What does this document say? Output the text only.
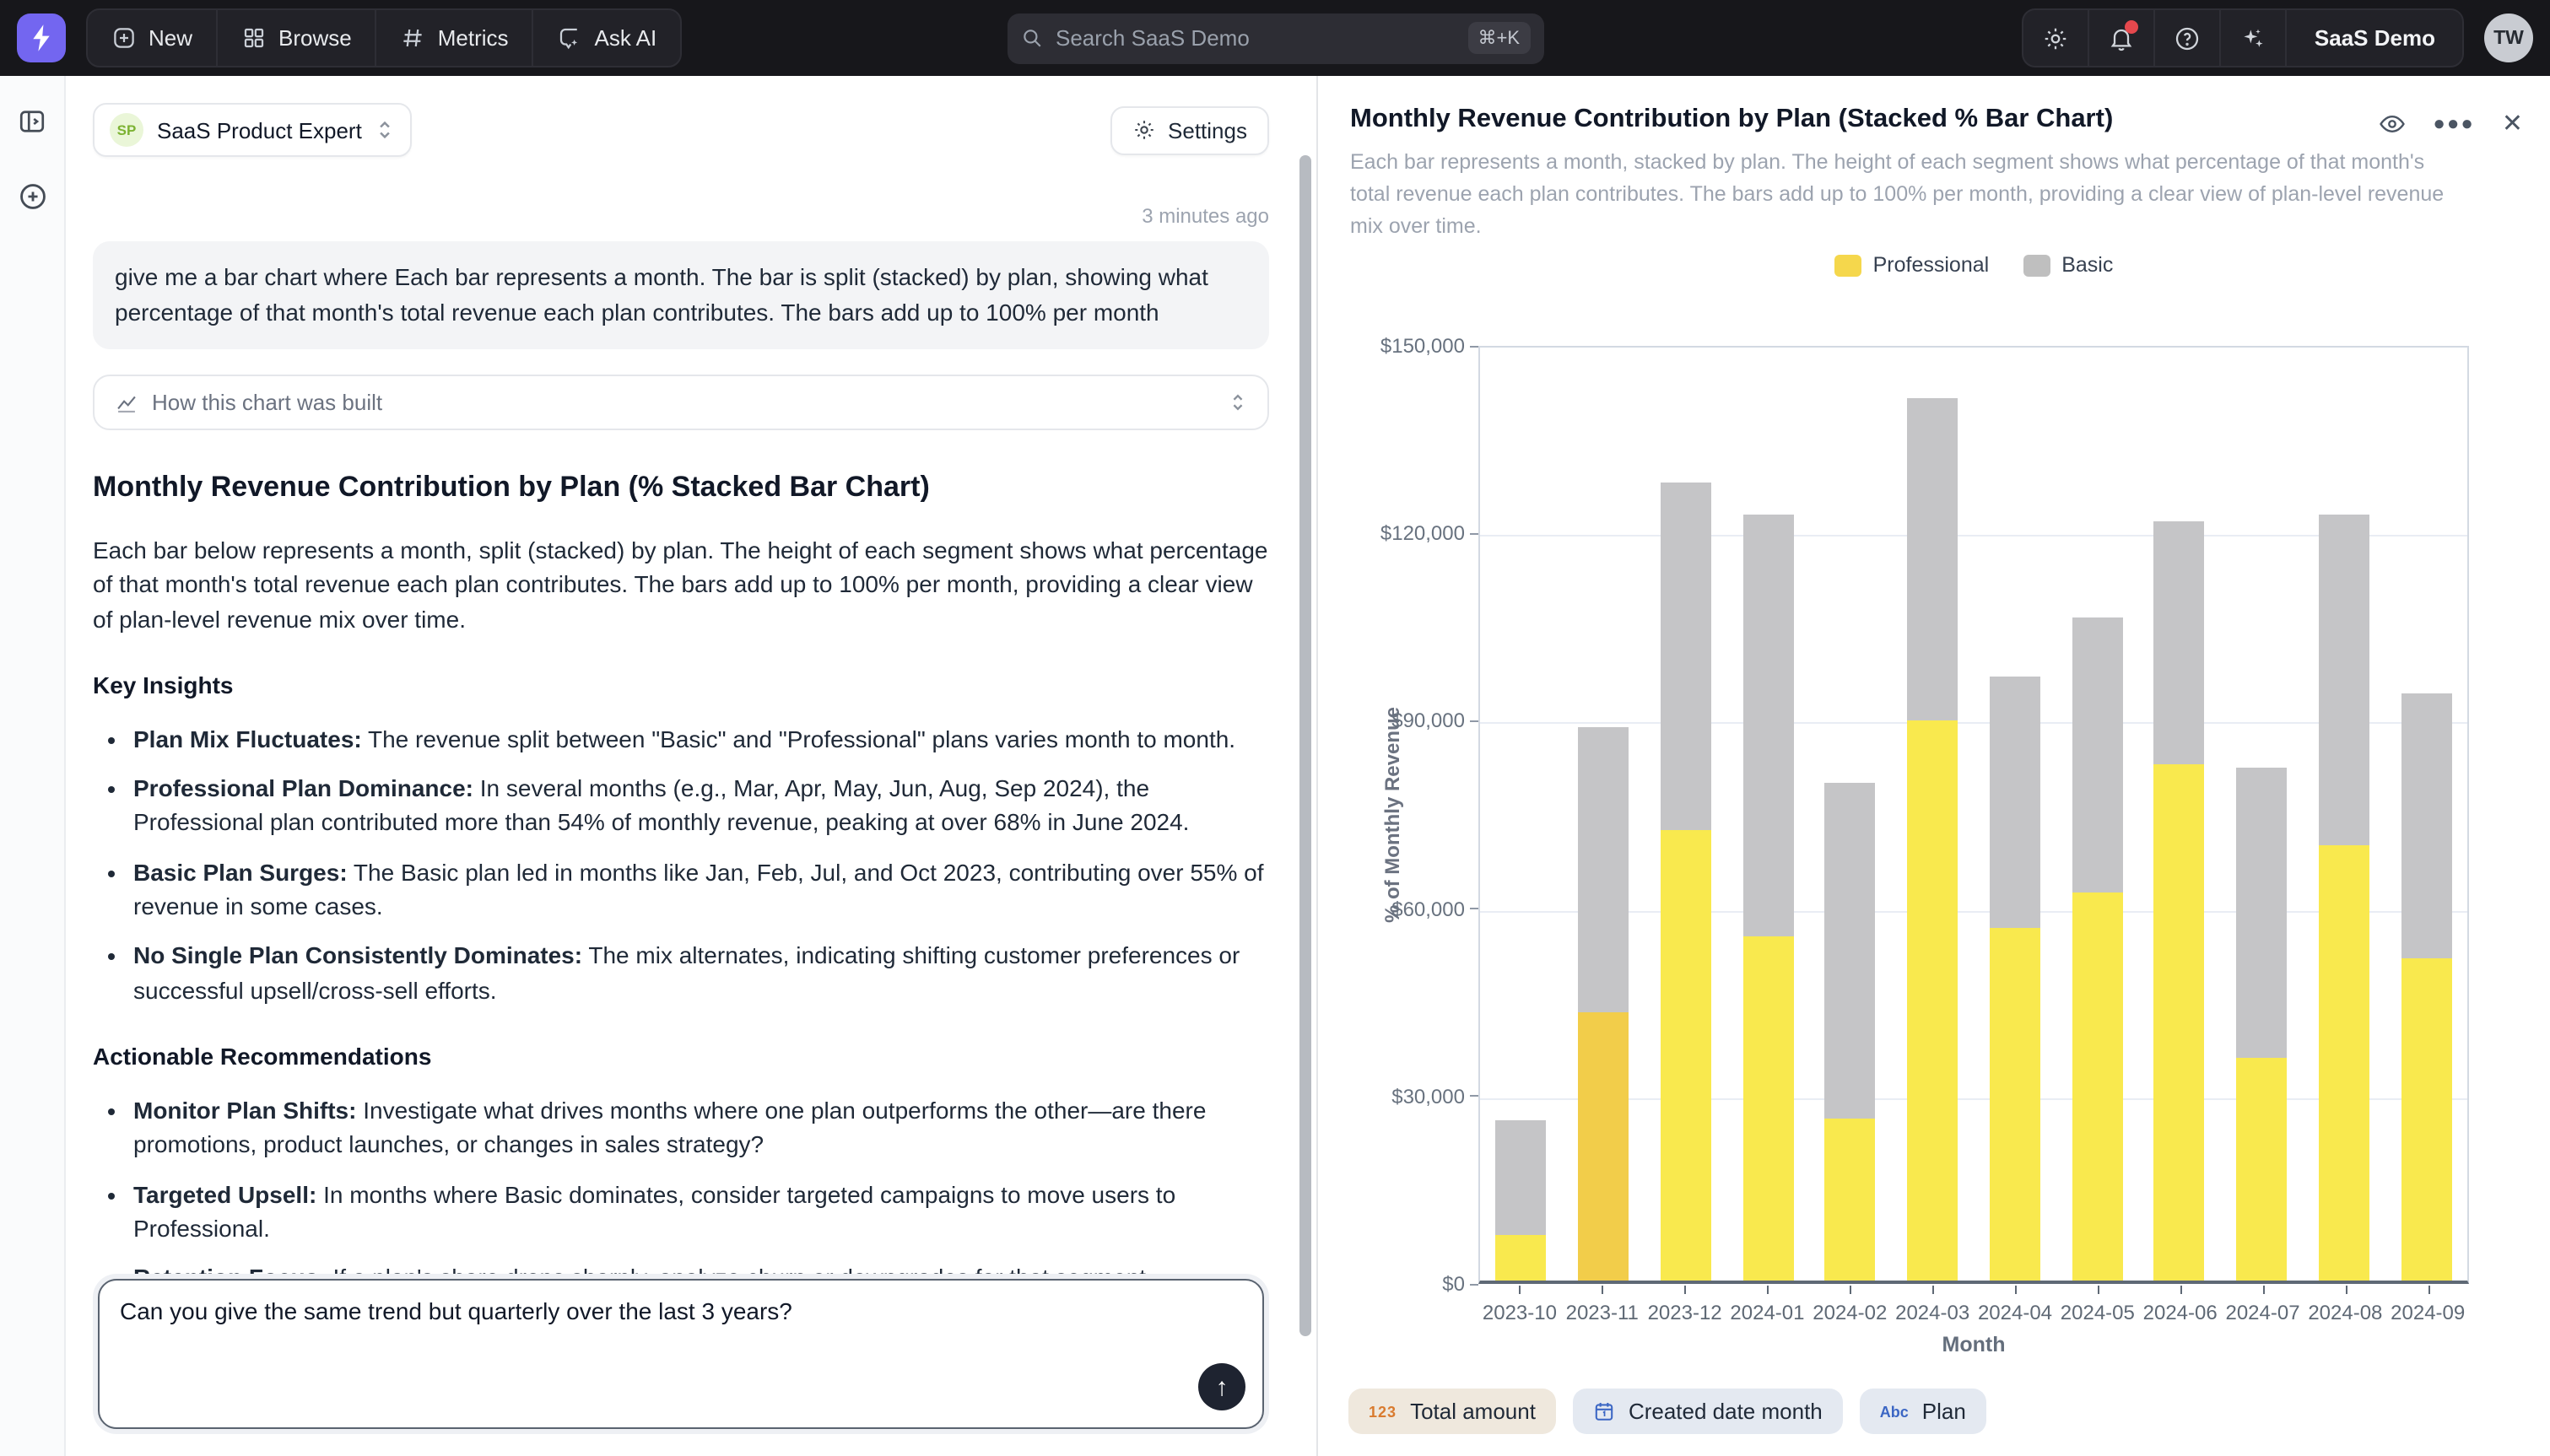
New	Browse	Metrics	Ask AI	Search SaaS Demo	⌘+K	SaaS Demo	TW
SP	SaaS Product Expert	Settings
3 minutes ago
give me a bar chart where Each bar represents a month. The bar is split (stacked) by plan, showing what percentage of that month's total revenue each plan contributes. The bars add up to 100% per month
How this chart was built
Monthly Revenue Contribution by Plan (% Stacked Bar Chart)

Each bar below represents a month, split (stacked) by plan. The height of each segment shows what percentage of that month's total revenue each plan contributes. The bars add up to 100% per month, providing a clear view of plan-level revenue mix over time.

Key Insights
• Plan Mix Fluctuates: The revenue split between "Basic" and "Professional" plans varies month to month.
• Professional Plan Dominance: In several months (e.g., Mar, Apr, May, Jun, Aug, Sep 2024), the Professional plan contributed more than 54% of monthly revenue, peaking at over 68% in June 2024.
• Basic Plan Surges: The Basic plan led in months like Jan, Feb, Jul, and Oct 2023, contributing over 55% of revenue in some cases.
• No Single Plan Consistently Dominates: The mix alternates, indicating shifting customer preferences or successful upsell/cross-sell efforts.
Actionable Recommendations
• Monitor Plan Shifts: Investigate what drives months where one plan outperforms the other—are there promotions, product launches, or changes in sales strategy?
• Targeted Upsell: In months where Basic dominates, consider targeted campaigns to move users to Professional.
•

Can you give the same trend but quarterly over the last 3 years?
↑
Monthly Revenue Contribution by Plan (Stacked % Bar Chart)
Each bar represents a month, stacked by plan. The height of each segment shows what percentage of that month's total revenue each plan contributes. The bars add up to 100% per month, providing a clear view of plan-level revenue mix over time.
●●● ✕
Professional	Basic
% of Monthly Revenue
$150,000
$120,000
$90,000
$60,000
$30,000
$0
2023-10 2023-11 2023-12 2024-01 2024-02 2024-03 2024-04 2024-05 2024-06 2024-07 2024-08 2024-09
Month
123 Total amount	Created date month	Abc Plan
